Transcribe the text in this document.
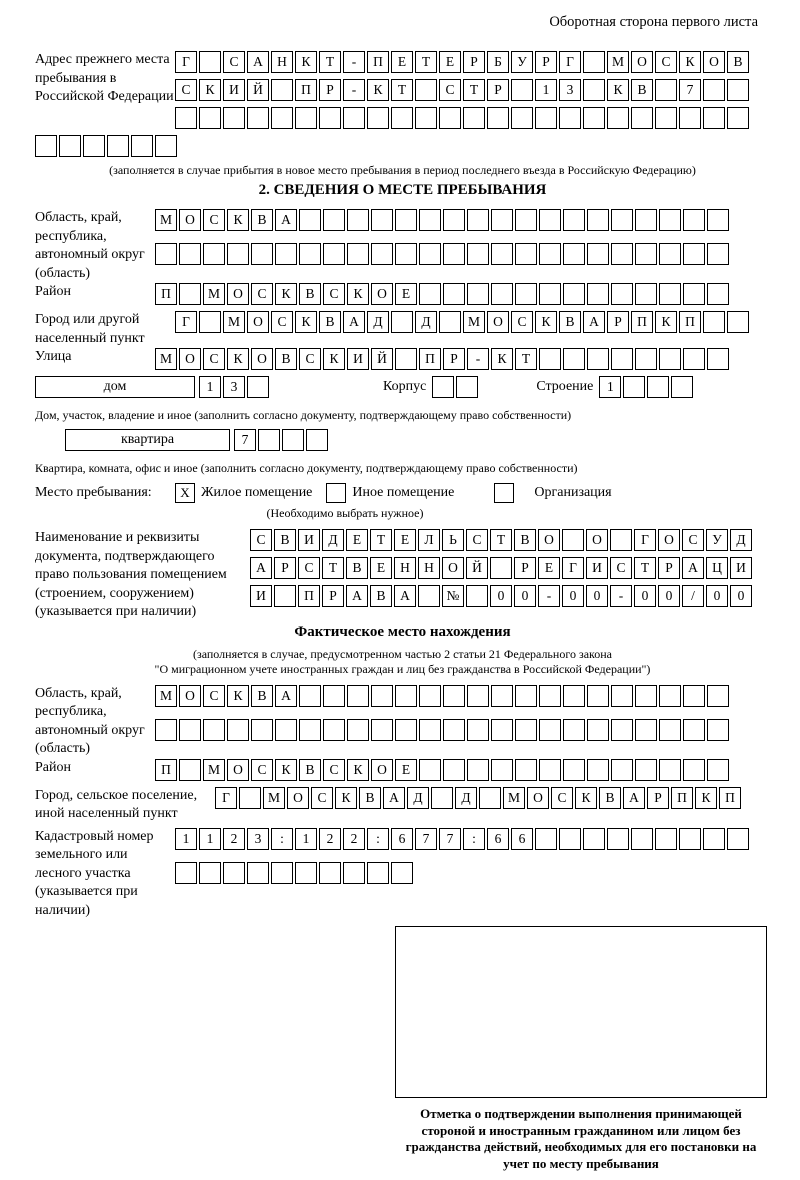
Оборотная сторона первого листа
Адрес прежнего места пребывания в Российской Федерации
Г	С	А	Н	К	Т	-	П	Е	Т	Е	Р	Б	У	Р	Г	М О	С	К	О	В
С	К	И	Й	П	Р	-	К	Т	С	Т	Р	1	3	К	В	7
(заполняется в случае прибытия в новое место пребывания в период последнего въезда в Российскую Федерацию)
2. СВЕДЕНИЯ О МЕСТЕ ПРЕБЫВАНИЯ
Область, край, республика, автономный округ (область)
М О	С	К	В	А
Район	П	М О	С	К	В	С	К	О	Е
Город или другой населенный пункт
Г	М О	С	К	В	А	Д	Д	М О	С	К	В	А	Р	П	К	П
Улица	М О	С	К	О	В	С	К	И	Й	П	Р	-	К	Т
дом	1	3	Корпус	Строение	1
Дом, участок, владение и иное (заполнить согласно документу, подтверждающему право собственности)
квартира	7
Квартира, комната, офис и иное (заполнить согласно документу, подтверждающему право собственности)
Место пребывания:	X Жилое помещение	Иное помещение	Организация
(Необходимо выбрать нужное)
Наименование и реквизиты документа, подтверждающего право пользования помещением (строением, сооружением) (указывается при наличии)
С	В	И	Д	Е	Т	Е	Л	Ь	С	Т	В	О	О	Г	О	С	У	Д
А	Р	С	Т	В	Е	Н	Н	О	Й	Р	Е	Г	И	С	Т	Р	А	Ц	И
И	П	Р	А	В	А	№	0	0	-	0	0	-	0	0	/	0	0
Фактическое место нахождения
(заполняется в случае, предусмотренном частью 2 статьи 21 Федерального закона
"О миграционном учете иностранных граждан и лиц без гражданства в Российской Федерации")
Область, край, республика, автономный округ (область)
М О	С	К	В	А
Район	П	М О	С	К	В	С	К	О	Е
Город, сельское поселение, иной населенный пункт
Г	М О	С	К	В	А	Д	Д	М О	С	К	В	А	Р	П	К	П
Кадастровый номер земельного или лесного участка (указывается при наличии)
1	1	2	3	:	1	2	2	:	6	7	7	:	6	6
Отметка о подтверждении выполнения принимающей стороной и иностранным гражданином или лицом без гражданства действий, необходимых для его постановки на учет по месту пребывания
